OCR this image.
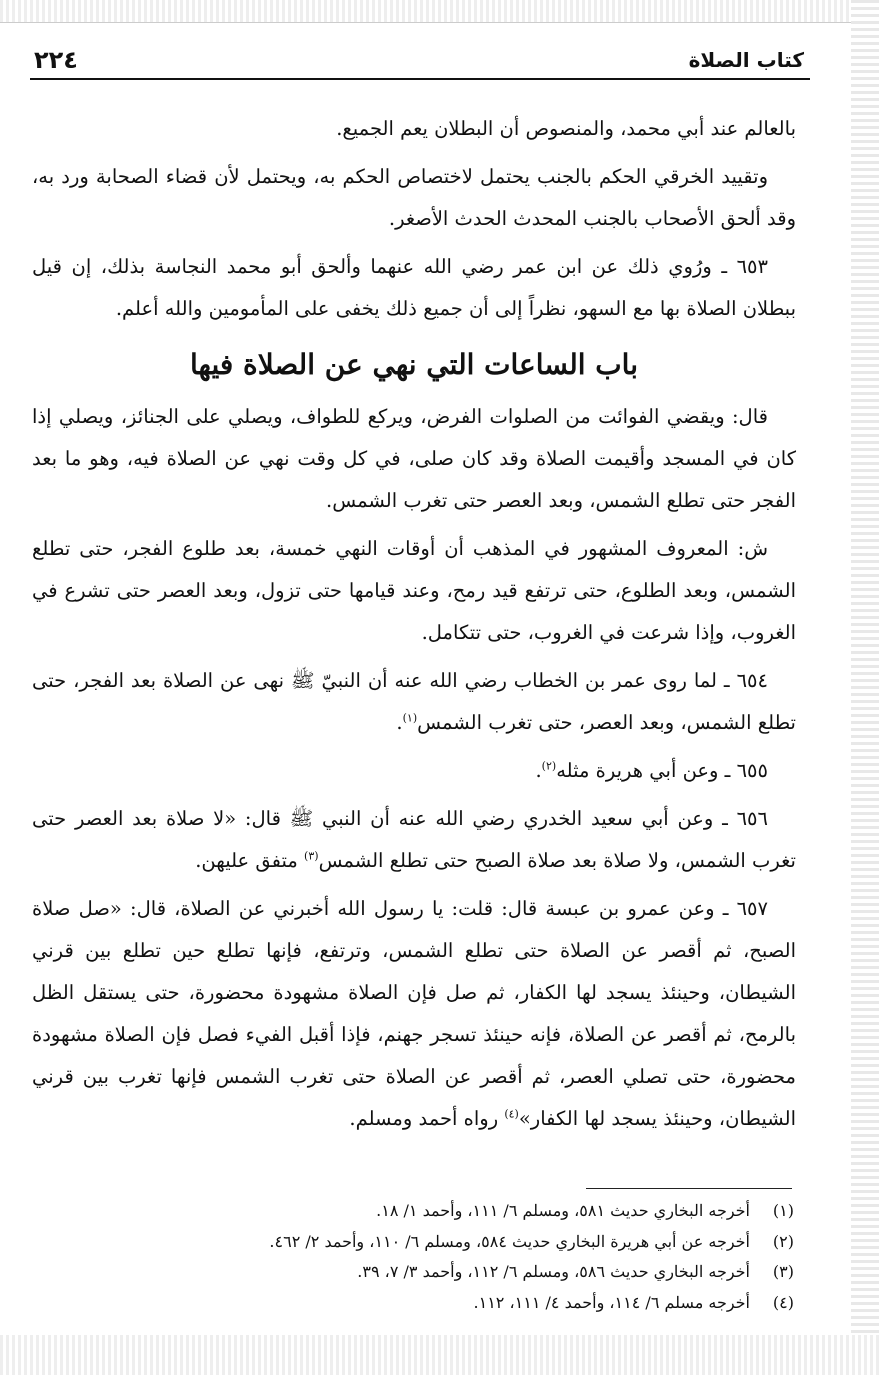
٢٢٤	كتاب الصلاة

بالعالم عند أبي محمد، والمنصوص أن البطلان يعم الجميع.

وتقييد الخرقي الحكم بالجنب يحتمل لاختصاص الحكم به، ويحتمل لأن قضاء الصحابة ورد به، وقد ألحق الأصحاب بالجنب المحدث الحدث الأصغر.

٦٥٣ ـ ورُوي ذلك عن ابن عمر رضي الله عنهما وألحق أبو محمد النجاسة بذلك، إن قيل ببطلان الصلاة بها مع السهو، نظراً إلى أن جميع ذلك يخفى على المأمومين والله أعلم.

باب الساعات التي نهي عن الصلاة فيها

قال: ويقضي الفوائت من الصلوات الفرض، ويركع للطواف، ويصلي على الجنائز، ويصلي إذا كان في المسجد وأقيمت الصلاة وقد كان صلى، في كل وقت نهي عن الصلاة فيه، وهو ما بعد الفجر حتى تطلع الشمس، وبعد العصر حتى تغرب الشمس.

ش: المعروف المشهور في المذهب أن أوقات النهي خمسة، بعد طلوع الفجر، حتى تطلع الشمس، وبعد الطلوع، حتى ترتفع قيد رمح، وعند قيامها حتى تزول، وبعد العصر حتى تشرع في الغروب، وإذا شرعت في الغروب، حتى تتكامل.

٦٥٤ ـ لما روى عمر بن الخطاب رضي الله عنه أن النبيّ ﷺ نهى عن الصلاة بعد الفجر، حتى تطلع الشمس، وبعد العصر، حتى تغرب الشمس$^{(١)}$.

٦٥٥ ـ وعن أبي هريرة مثله$^{(٢)}$.

٦٥٦ ـ وعن أبي سعيد الخدري رضي الله عنه أن النبي ﷺ قال: «لا صلاة بعد العصر حتى تغرب الشمس، ولا صلاة بعد صلاة الصبح حتى تطلع الشمس$^{(٣)}$ متفق عليهن.

٦٥٧ ـ وعن عمرو بن عبسة قال: قلت: يا رسول الله أخبرني عن الصلاة، قال: «صل صلاة الصبح، ثم أقصر عن الصلاة حتى تطلع الشمس، وترتفع، فإنها تطلع حين تطلع بين قرني الشيطان، وحينئذ يسجد لها الكفار، ثم صل فإن الصلاة مشهودة محضورة، حتى يستقل الظل بالرمح، ثم أقصر عن الصلاة، فإنه حينئذ تسجر جهنم، فإذا أقبل الفيء فصل فإن الصلاة مشهودة محضورة، حتى تصلي العصر، ثم أقصر عن الصلاة حتى تغرب الشمس فإنها تغرب بين قرني الشيطان، وحينئذ يسجد لها الكفار»$^{(٤)}$ رواه أحمد ومسلم.

(١)أخرجه البخاري حديث ٥٨١، ومسلم ٦/ ١١١، وأحمد ١/ ١٨.
(٢)أخرجه عن أبي هريرة البخاري حديث ٥٨٤، ومسلم ٦/ ١١٠، وأحمد ٢/ ٤٦٢.
(٣)أخرجه البخاري حديث ٥٨٦، ومسلم ٦/ ١١٢، وأحمد ٣/ ٧، ٣٩.
(٤)أخرجه مسلم ٦/ ١١٤، وأحمد ٤/ ١١١، ١١٢.
